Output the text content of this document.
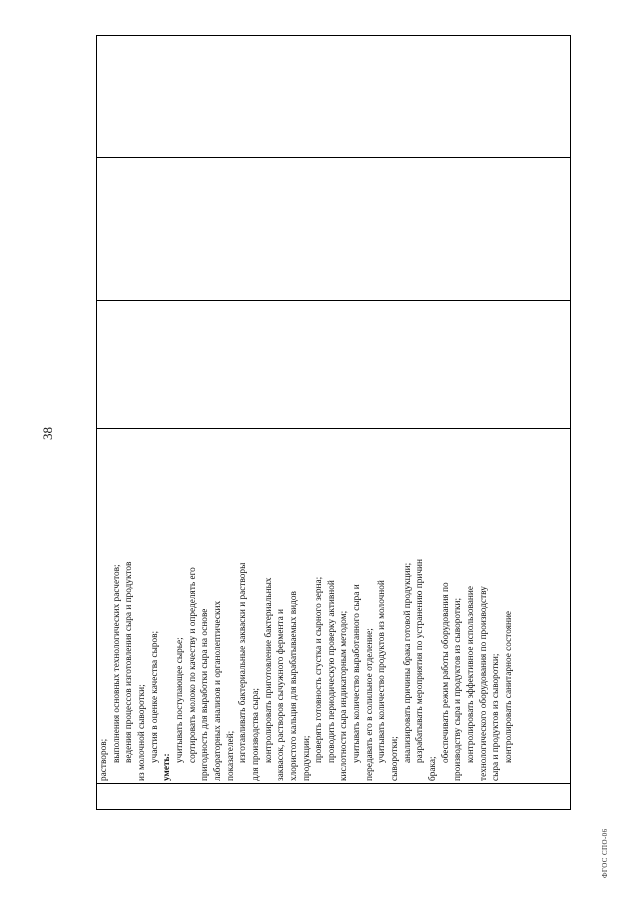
38
растворов; выполнения основных технологических расчетов; ведения процессов изготовления сыра и продуктов из молочной сыворотки; участия в оценке качества сыров;
уметь:
учитывать поступающее сырье; сортировать молоко по качеству и определять его пригодность для выработки сыра на основе лабораторных анализов и органолептических показателей; изготавливать бактериальные закваски и растворы для производства сыра; контролировать приготовление бактериальных заквасок, растворов сычужного фермента и хлористого кальция для вырабатываемых видов продукции; проверять готовность сгустка и сырного зерна; проводить периодическую проверку активной кислотности сыра индикаторным методом; учитывать количество выработанного сыра и передавать его в солильное отделение; учитывать количество продуктов из молочной сыворотки; анализировать причины брака готовой продукции; разрабатывать мероприятия по устранению причин
брака;
обеспечивать режим работы оборудования по производству сыра и продуктов из сыворотки; контролировать эффективное использование технологического оборудования по производству сыра и продуктов из сыворотки; контролировать санитарное состояние
ФГОС СПО-06
